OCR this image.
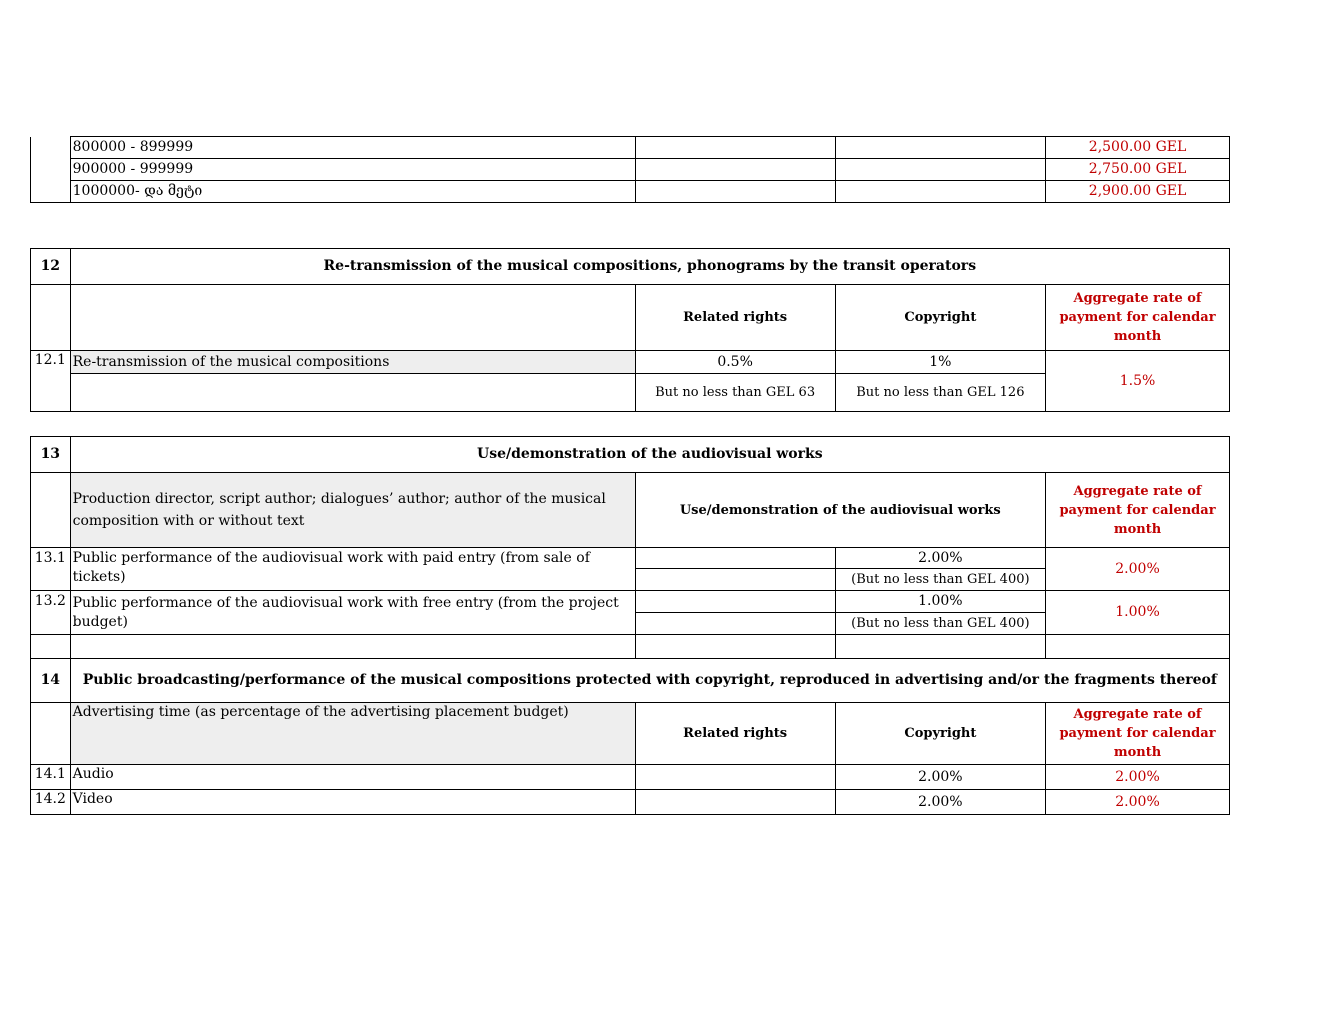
	800000 - 899999			2,500.00 GEL
	900000 - 999999			2,750.00 GEL
	1000000- და მეტი			2,900.00 GEL
12	Re-transmission of the musical compositions, phonograms by the transit operators			
		Related rights	Copyright	Aggregate rate of payment for calendar month
12.1	Re-transmission of the musical compositions	0.5%	1%	1.5%
		But no less than GEL 63	But no less than GEL 126	
13	Use/demonstration of the audiovisual works			
	Production director, script author; dialogues’ author; author of the musical composition with or without text	Use/demonstration of the audiovisual works		Aggregate rate of payment for calendar month
13.1	Public performance of the audiovisual work with paid entry (from sale of tickets)		2.00%	2.00%
			(But no less than GEL 400)	
13.2	Public performance of the audiovisual work with free entry (from the project budget)		1.00%	1.00%
			(But no less than GEL 400)	

14	Public broadcasting/performance of the musical compositions protected with copyright, reproduced in advertising and/or the fragments thereof			
	Advertising time (as percentage of the advertising placement budget)	Related rights	Copyright	Aggregate rate of payment for calendar month
14.1	Audio		2.00%	2.00%
14.2	Video		2.00%	2.00%
